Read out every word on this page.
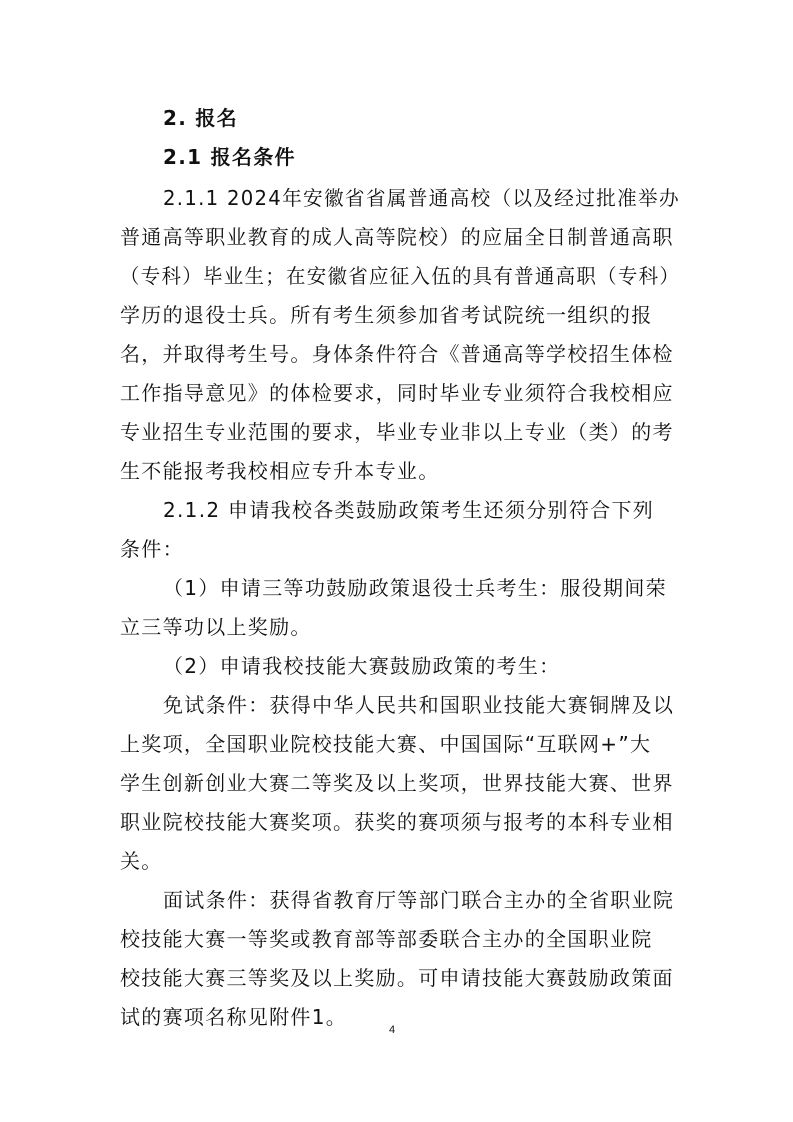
2. 报名
2.1 报名条件
2.1.1 2024年安徽省省属普通高校（以及经过批准举办
普通高等职业教育的成人高等院校）的应届全日制普通高职
（专科）毕业生；在安徽省应征入伍的具有普通高职（专科）
学历的退役士兵。所有考生须参加省考试院统一组织的报
名，并取得考生号。身体条件符合《普通高等学校招生体检
工作指导意见》的体检要求，同时毕业专业须符合我校相应
专业招生专业范围的要求，毕业专业非以上专业（类）的考
生不能报考我校相应专升本专业。
2.1.2 申请我校各类鼓励政策考生还须分别符合下列
条件：
（1）申请三等功鼓励政策退役士兵考生：服役期间荣
立三等功以上奖励。
（2）申请我校技能大赛鼓励政策的考生：
免试条件：获得中华人民共和国职业技能大赛铜牌及以
上奖项，全国职业院校技能大赛、中国国际“互联网+”大
学生创新创业大赛二等奖及以上奖项，世界技能大赛、世界
职业院校技能大赛奖项。获奖的赛项须与报考的本科专业相
关。
面试条件：获得省教育厅等部门联合主办的全省职业院
校技能大赛一等奖或教育部等部委联合主办的全国职业院
校技能大赛三等奖及以上奖励。可申请技能大赛鼓励政策面
试的赛项名称见附件1。
4
